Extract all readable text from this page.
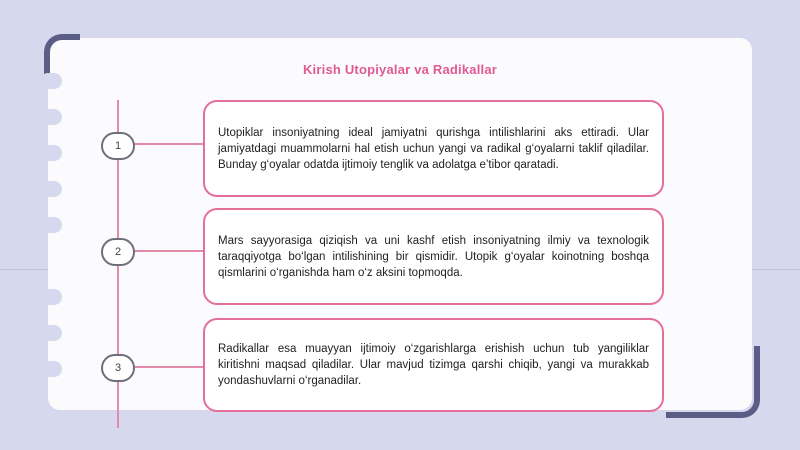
Kirish Utopiyalar va Radikallar
1

Utopiklar insoniyatning ideal jamiyatni qurishga intilishlarini aks ettiradi. Ular jamiyatdagi muammolarni hal etish uchun yangi va radikal g‘oyalarni taklif qiladilar. Bunday g‘oyalar odatda ijtimoiy tenglik va adolatga e’tibor qaratadi.

2

Mars sayyorasiga qiziqish va uni kashf etish insoniyatning ilmiy va texnologik taraqqiyotga bo‘lgan intilishining bir qismidir. Utopik g‘oyalar koinotning boshqa qismlarini o‘rganishda ham o‘z aksini topmoqda.

3

Radikallar esa muayyan ijtimoiy o‘zgarishlarga erishish uchun tub yangiliklar kiritishni maqsad qiladilar. Ular mavjud tizimga qarshi chiqib, yangi va murakkab yondashuvlarni o‘rganadilar.
